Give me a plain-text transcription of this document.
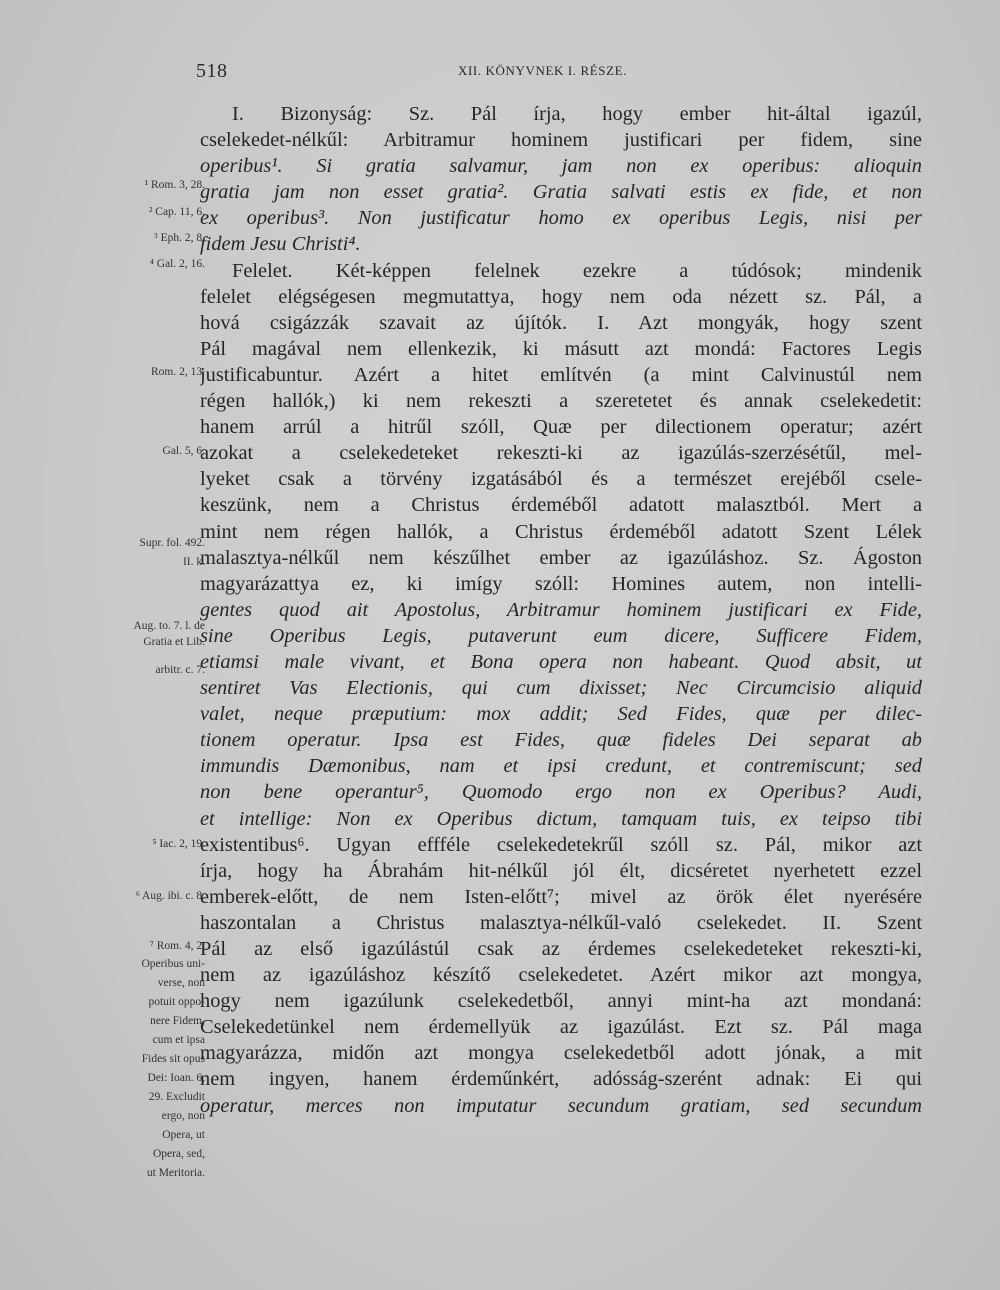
518	XII. KÖNYVNEK I. RÉSZE.
¹ Rom. 3, 28.
² Cap. 11, 6.
³ Eph. 2, 8.
⁴ Gal. 2, 16.
Rom. 2, 13.
Gal. 5, 6.
Supr. fol. 492.
II. k.
Aug. to. 7. l. de
Gratia et Lib.
arbitr. c. 7.
⁵ Iac. 2, 19.
⁶ Aug. ibi. c. 8.
⁷ Rom. 4, 2.
Operibus uni-
verse, non
potuit oppo-
nere Fidem,
cum et ipsa
Fides sit opus
Dei: Ioan. 6,
29. Excludit
ergo, non
Opera, ut
Opera, sed,
ut Meritoria.
I. Bizonyság: Sz. Pál írja, hogy ember hit-által igazúl,
cselekedet-nélkűl: Arbitramur hominem justificari per fidem, sine
operibus¹. Si gratia salvamur, jam non ex operibus: alioquin
gratia jam non esset gratia². Gratia salvati estis ex fide, et non
ex operibus³. Non justificatur homo ex operibus Legis, nisi per
fidem Jesu Christi⁴.
Felelet. Két-képpen felelnek ezekre a túdósok; mindenik
felelet elégségesen megmutattya, hogy nem oda nézett sz. Pál, a
hová csigázzák szavait az újítók. I. Azt mongyák, hogy szent
Pál magával nem ellenkezik, ki másutt azt mondá: Factores Legis
justificabuntur. Azért a hitet említvén (a mint Calvinustúl nem
régen hallók,) ki nem rekeszti a szeretetet és annak cselekedetit:
hanem arrúl a hitrűl szóll, Quæ per dilectionem operatur; azért
azokat a cselekedeteket rekeszti-ki az igazúlás-szerzésétűl, mel-
lyeket csak a törvény izgatásából és a természet erejéből csele-
keszünk, nem a Christus érdeméből adatott malasztból. Mert a
mint nem régen hallók, a Christus érdeméből adatott Szent Lélek
malasztya-nélkűl nem készűlhet ember az igazúláshoz. Sz. Ágoston
magyarázattya ez, ki imígy szóll: Homines autem, non intelli-
gentes quod ait Apostolus, Arbitramur hominem justificari ex Fide,
sine Operibus Legis, putaverunt eum dicere, Sufficere Fidem,
etiamsi male vivant, et Bona opera non habeant. Quod absit, ut
sentiret Vas Electionis, qui cum dixisset; Nec Circumcisio aliquid
valet, neque præputium: mox addit; Sed Fides, quæ per dilec-
tionem operatur. Ipsa est Fides, quæ fideles Dei separat ab
immundis Dæmonibus, nam et ipsi credunt, et contremiscunt; sed
non bene operantur⁵, Quomodo ergo non ex Operibus? Audi,
et intellige: Non ex Operibus dictum, tamquam tuis, ex teipso tibi
existentibus⁶. Ugyan effféle cselekedetekrűl szóll sz. Pál, mikor azt
írja, hogy ha Ábrahám hit-nélkűl jól élt, dicséretet nyerhetett ezzel
emberek-előtt, de nem Isten-előtt⁷; mivel az örök élet nyerésére
haszontalan a Christus malasztya-nélkűl-való cselekedet. II. Szent
Pál az első igazúlástúl csak az érdemes cselekedeteket rekeszti-ki,
nem az igazúláshoz készítő cselekedetet. Azért mikor azt mongya,
hogy nem igazúlunk cselekedetből, annyi mint-ha azt mondaná:
Cselekedetünkel nem érdemellyük az igazúlást. Ezt sz. Pál maga
magyarázza, midőn azt mongya cselekedetből adott jónak, a mit
nem ingyen, hanem érdeműnkért, adósság-szerént adnak: Ei qui
operatur, merces non imputatur secundum gratiam, sed secundum
